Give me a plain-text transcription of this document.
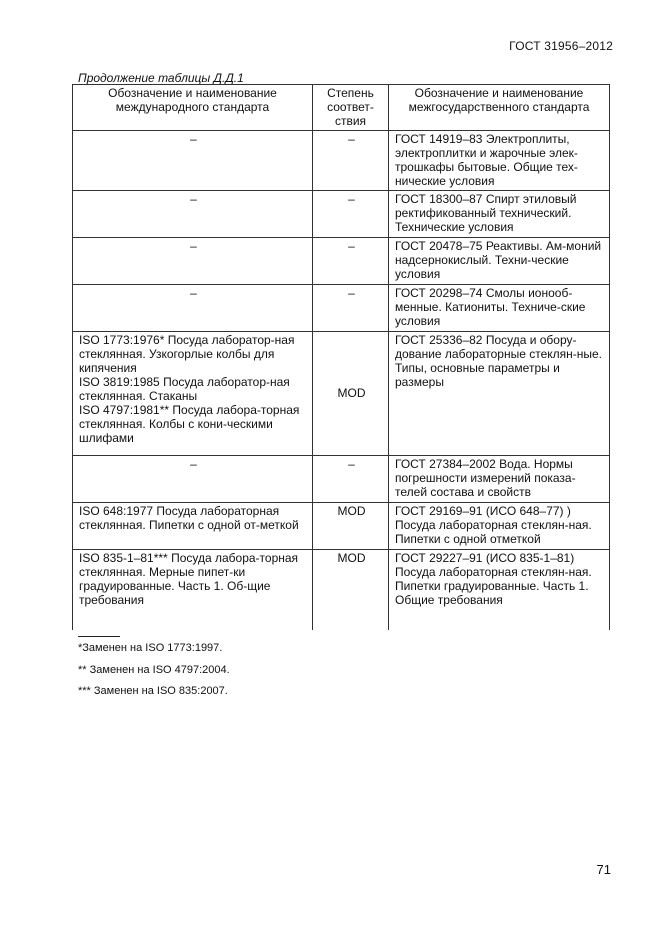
ГОСТ 31956–2012
Продолжение таблицы Д.Д.1
Обозначение и наименование международного стандарта	Степень соответ-ствия	Обозначение и наименование межгосударственного стандарта
–	–	ГОСТ 14919–83 Электроплиты, электроплитки и жарочные элек-трошкафы бытовые. Общие тех-нические условия
–	–	ГОСТ 18300–87 Спирт этиловый ректификованный технический. Технические условия
–	–	ГОСТ 20478–75 Реактивы. Ам-моний надсернокислый. Техни-ческие условия
–	–	ГОСТ 20298–74 Смолы ионооб-менные. Катиониты. Техниче-ские условия

ISO 1773:1976* Посуда лаборатор-ная стеклянная. Узкогорлые колбы для кипячения
ISO 3819:1985 Посуда лаборатор-ная стеклянная. Стаканы
ISO 4797:1981** Посуда лабора-торная стеклянная. Колбы с кони-ческими шлифами	MOD	ГОСТ 25336–82 Посуда и обору-дование лабораторные стеклян-ные. Типы, основные параметры и размеры
–	–	ГОСТ 27384–2002 Вода. Нормы погрешности измерений показа-телей состава и свойств
ISO 648:1977 Посуда лабораторная стеклянная. Пипетки с одной от-меткой	MOD	ГОСТ 29169–91 (ИСО 648–77) ) Посуда лабораторная стеклян-ная. Пипетки с одной отметкой
ISO 835-1–81*** Посуда лабора-торная стеклянная. Мерные пипет-ки градуированные. Часть 1. Об-щие требования	MOD	ГОСТ 29227–91 (ИСО 835-1–81) Посуда лабораторная стеклян-ная. Пипетки градуированные. Часть 1. Общие требования
*Заменен на ISO 1773:1997.
** Заменен на ISO 4797:2004.
*** Заменен на ISO 835:2007.
71
